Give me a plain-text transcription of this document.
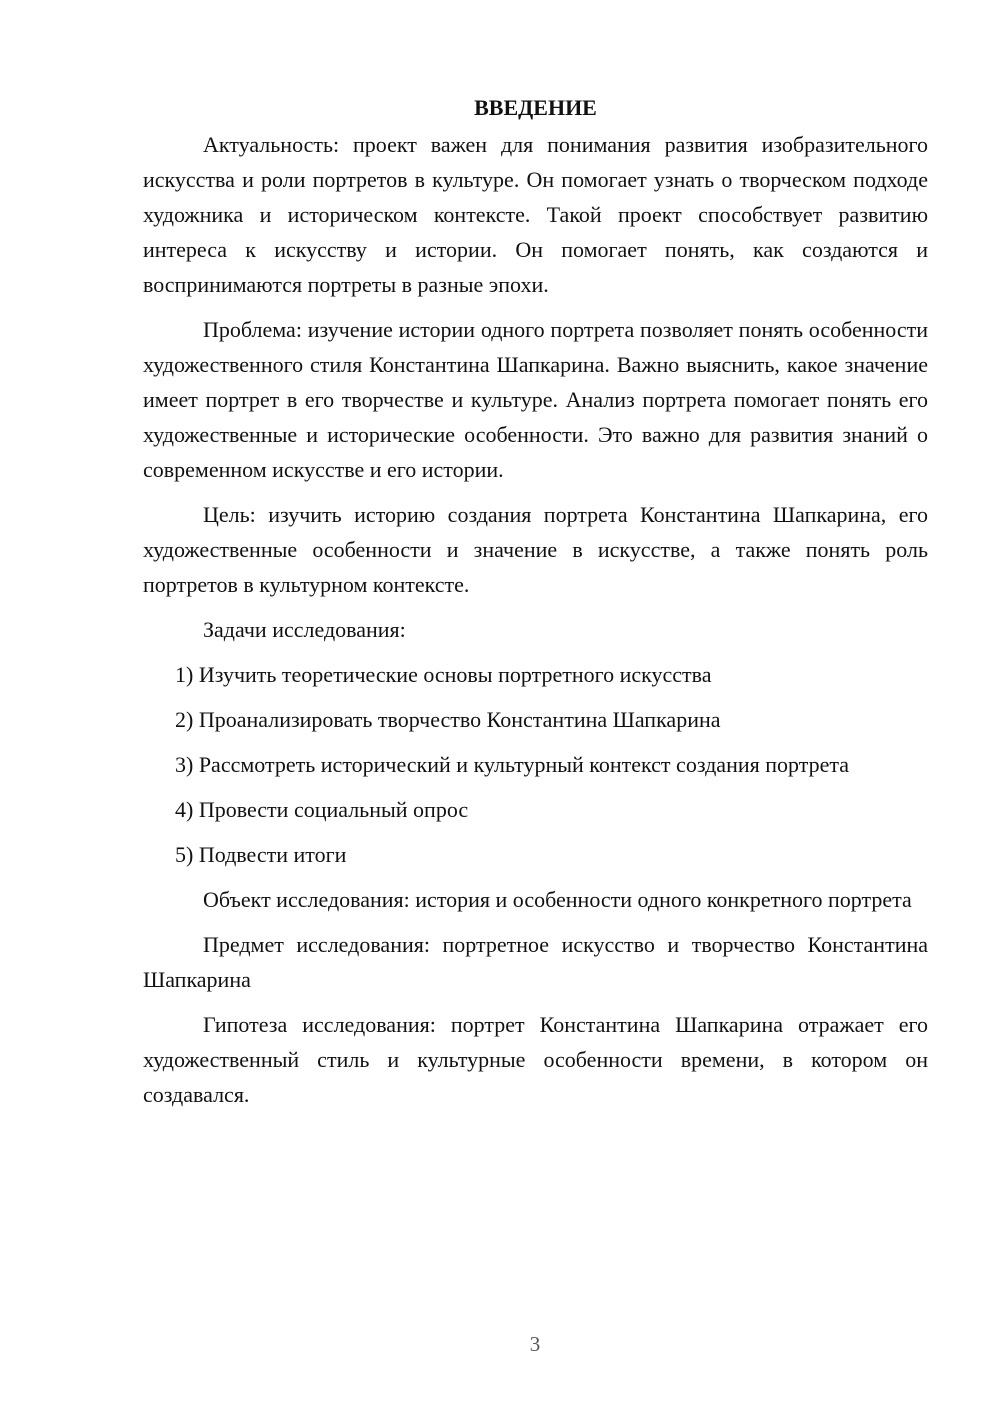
ВВЕДЕНИЕ

Актуальность: проект важен для понимания развития изобразительного искусства и роли портретов в культуре. Он помогает узнать о творческом подходе художника и историческом контексте. Такой проект способствует развитию интереса к искусству и истории. Он помогает понять, как создаются и воспринимаются портреты в разные эпохи.

Проблема: изучение истории одного портрета позволяет понять особенности художественного стиля Константина Шапкарина. Важно выяснить, какое значение имеет портрет в его творчестве и культуре. Анализ портрета помогает понять его художественные и исторические особенности. Это важно для развития знаний о современном искусстве и его истории.

Цель: изучить историю создания портрета Константина Шапкарина, его художественные особенности и значение в искусстве, а также понять роль портретов в культурном контексте.

Задачи исследования:

1) Изучить теоретические основы портретного искусства

2) Проанализировать творчество Константина Шапкарина

3) Рассмотреть исторический и культурный контекст создания портрета

4) Провести социальный опрос

5) Подвести итоги

Объект исследования: история и особенности одного конкретного портрета

Предмет исследования: портретное искусство и творчество Константина Шапкарина

Гипотеза исследования: портрет Константина Шапкарина отражает его художественный стиль и культурные особенности времени, в котором он создавался.

3
